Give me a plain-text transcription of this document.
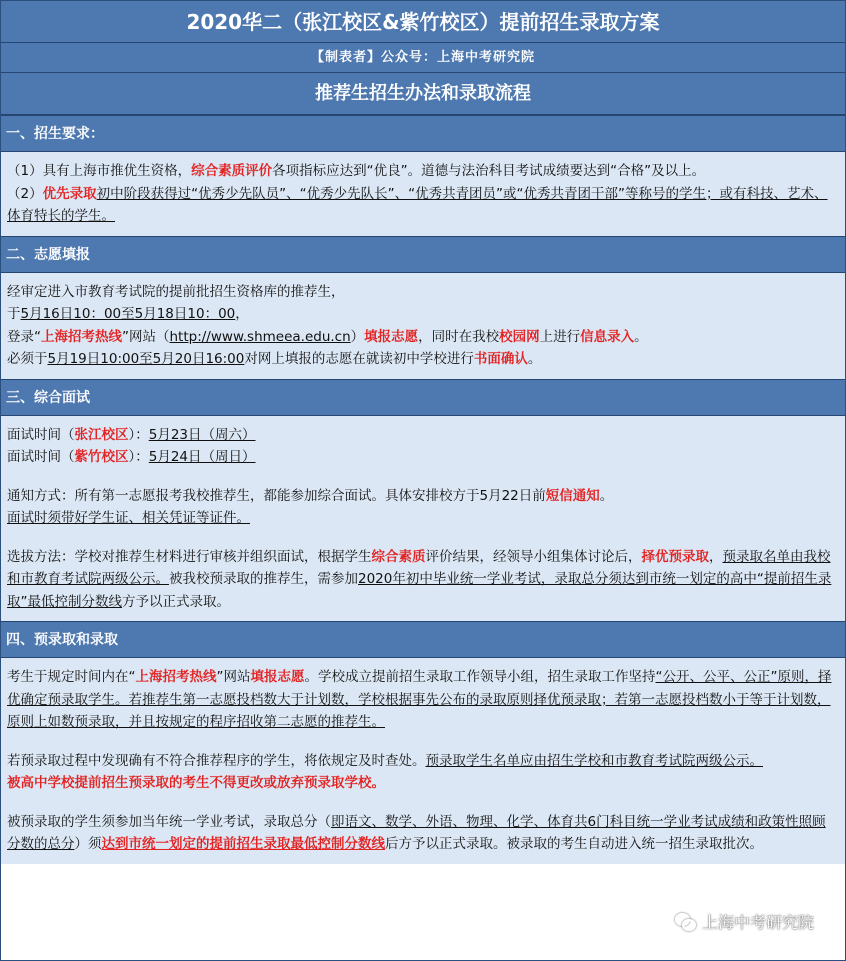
2020华二（张江校区&紫竹校区）提前招生录取方案
【制表者】公众号：上海中考研究院
推荐生招生办法和录取流程
一、招生要求：

（1）具有上海市推优生资格，综合素质评价各项指标应达到“优良”。道德与法治科目考试成绩要达到“合格”及以上。

（2）优先录取初中阶段获得过“优秀少先队员”、“优秀少先队长”、“优秀共青团员”或“优秀共青团干部”等称号的学生；或有科技、艺术、体育特长的学生。

二、志愿填报

经审定进入市教育考试院的提前批招生资格库的推荐生，

于5月16日10：00至5月18日10：00，

登录“上海招考热线”网站（http://www.shmeea.edu.cn）填报志愿，同时在我校校园网上进行信息录入。

必须于5月19日10:00至5月20日16:00对网上填报的志愿在就读初中学校进行书面确认。

三、综合面试

面试时间（张江校区）：5月23日（周六）

面试时间（紫竹校区）：5月24日（周日）

通知方式：所有第一志愿报考我校推荐生，都能参加综合面试。具体安排校方于5月22日前短信通知。

面试时须带好学生证、相关凭证等证件。

选拔方法：学校对推荐生材料进行审核并组织面试，根据学生综合素质评价结果，经领导小组集体讨论后，择优预录取，预录取名单由我校和市教育考试院两级公示。被我校预录取的推荐生，需参加2020年初中毕业统一学业考试，录取总分须达到市统一划定的高中“提前招生录取”最低控制分数线方予以正式录取。

四、预录取和录取

考生于规定时间内在“上海招考热线”网站填报志愿。学校成立提前招生录取工作领导小组，招生录取工作坚持“公开、公平、公正”原则，择优确定预录取学生。若推荐生第一志愿投档数大于计划数，学校根据事先公布的录取原则择优预录取；若第一志愿投档数小于等于计划数，原则上如数预录取，并且按规定的程序招收第二志愿的推荐生。

若预录取过程中发现确有不符合推荐程序的学生，将依规定及时查处。预录取学生名单应由招生学校和市教育考试院两级公示。

被高中学校提前招生预录取的考生不得更改或放弃预录取学校。

被预录取的学生须参加当年统一学业考试，录取总分（即语文、数学、外语、物理、化学、体育共6门科目统一学业考试成绩和政策性照顾分数的总分）须达到市统一划定的提前招生录取最低控制分数线后方予以正式录取。被录取的考生自动进入统一招生录取批次。

上海中考研究院
